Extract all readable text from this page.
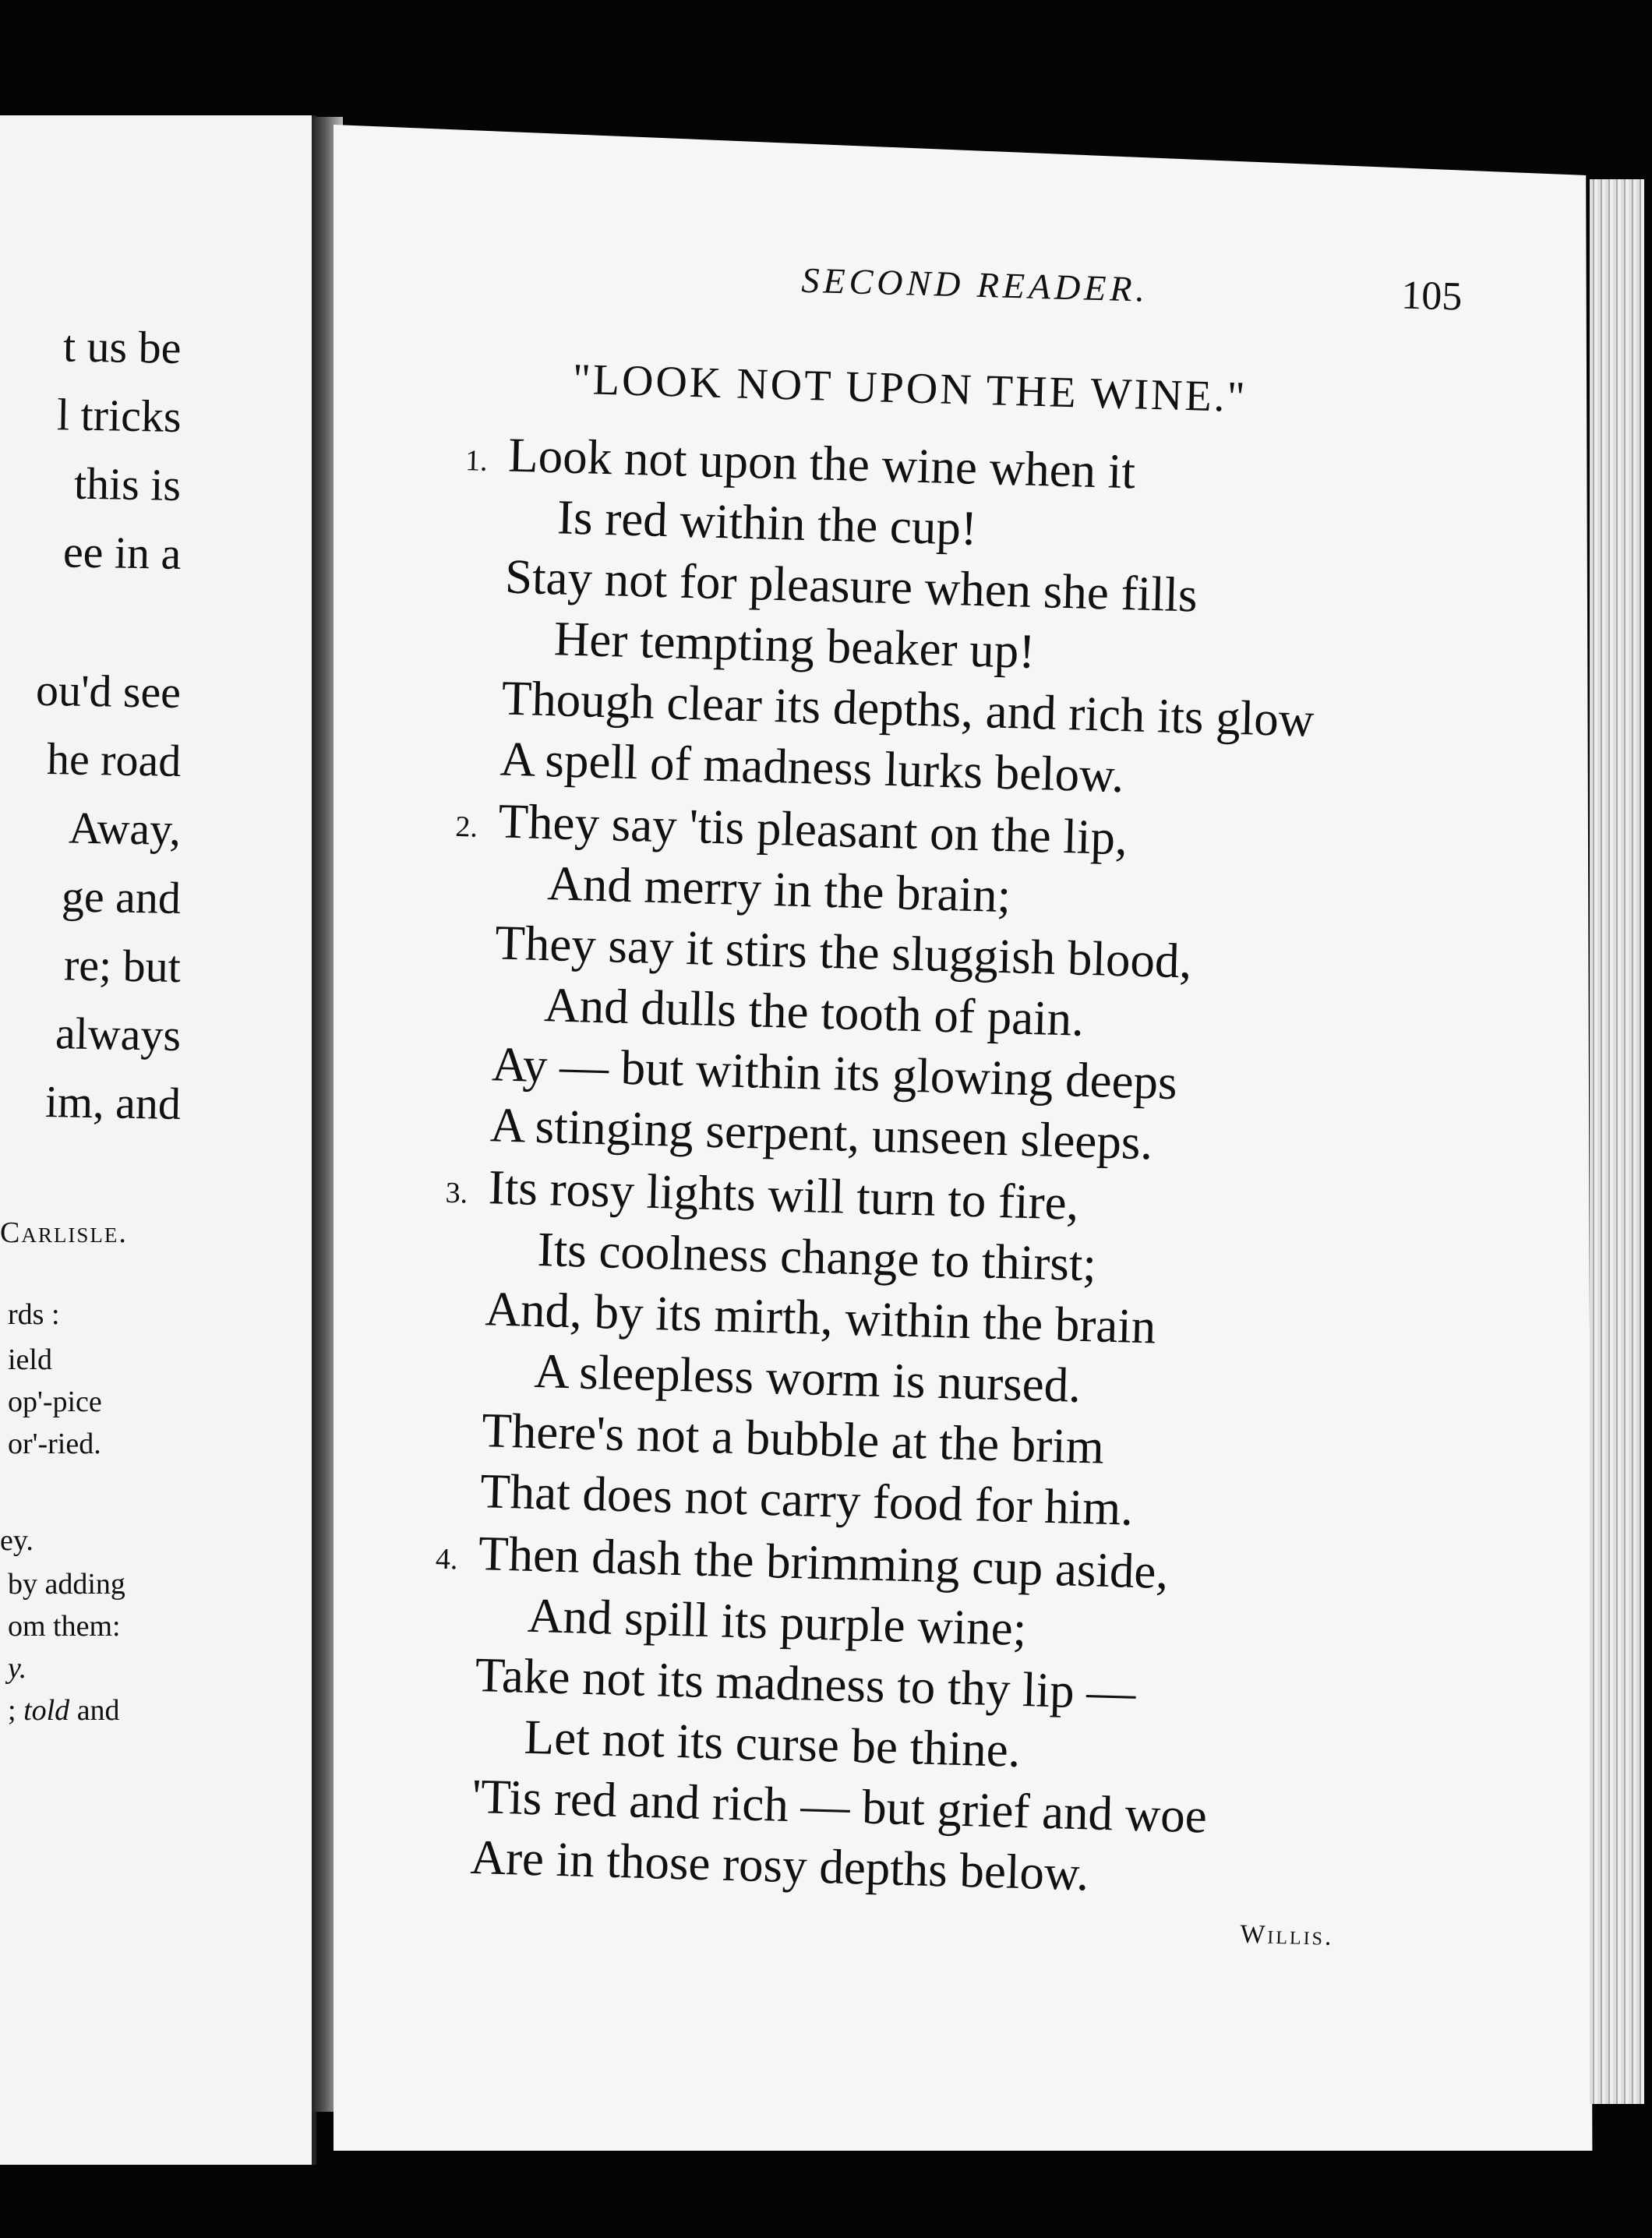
t us be
l tricks
this is
ee in a
ou'd see
he road
Away,
ge and
re; but
always
im, and
Carlisle.
rds :
ield
op'-pice
or'-ried.
ey.
by adding
om them:
y.
; told and
SECOND READER.	105
"LOOK NOT UPON THE WINE."
1. Look not upon the wine when it
Is red within the cup!
Stay not for pleasure when she fills
Her tempting beaker up!
Though clear its depths, and rich its glow
A spell of madness lurks below.
2. They say 'tis pleasant on the lip,
And merry in the brain;
They say it stirs the sluggish blood,
And dulls the tooth of pain.
Ay — but within its glowing deeps
A stinging serpent, unseen sleeps.
3. Its rosy lights will turn to fire,
Its coolness change to thirst;
And, by its mirth, within the brain
A sleepless worm is nursed.
There's not a bubble at the brim
That does not carry food for him.
4. Then dash the brimming cup aside,
And spill its purple wine;
Take not its madness to thy lip —
Let not its curse be thine.
'Tis red and rich — but grief and woe
Are in those rosy depths below.
Willis.
